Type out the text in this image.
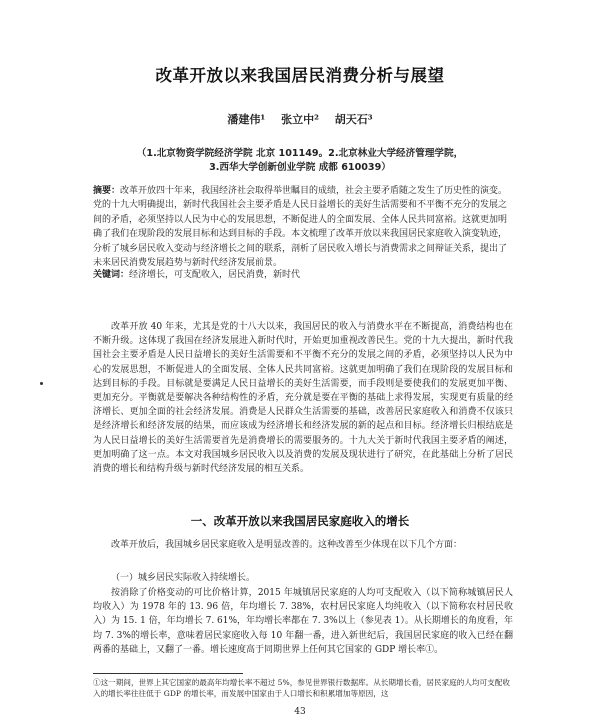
改革开放以来我国居民消费分析与展望
潘建伟¹ 张立中² 胡天石³
（1.北京物资学院经济学院 北京 101149。2.北京林业大学经济管理学院，
3.西华大学创新创业学院 成都 610039）
摘要：改革开放四十年来，我国经济社会取得举世瞩目的成绩，社会主要矛盾随之发生了历史性的演变。党的十九大明确提出，新时代我国社会主要矛盾是人民日益增长的美好生活需要和不平衡不充分的发展之间的矛盾，必须坚持以人民为中心的发展思想，不断促进人的全面发展、全体人民共同富裕。这就更加明确了我们在现阶段的发展目标和达到目标的手段。本文梳理了改革开放以来我国居民家庭收入演变轨迹，分析了城乡居民收入变动与经济增长之间的联系，剖析了居民收入增长与消费需求之间辩证关系，提出了未来居民消费发展趋势与新时代经济发展前景。
关键词：经济增长，可支配收入，居民消费，新时代
改革开放 40 年来，尤其是党的十八大以来，我国居民的收入与消费水平在不断提高，消费结构也在不断升级。这体现了我国在经济发展进入新时代时，开始更加重视改善民生。党的十九大提出，新时代我国社会主要矛盾是人民日益增长的美好生活需要和不平衡不充分的发展之间的矛盾，必须坚持以人民为中心的发展思想，不断促进人的全面发展、全体人民共同富裕。这就更加明确了我们在现阶段的发展目标和达到目标的手段。目标就是要满足人民日益增长的美好生活需要，而手段则是要使我们的发展更加平衡、更加充分。平衡就是要解决各种结构性的矛盾，充分就是要在平衡的基础上求得发展，实现更有质量的经济增长、更加全面的社会经济发展。消费是人民群众生活需要的基础，改善居民家庭收入和消费不仅该只是经济增长和经济发展的结果，而应该成为经济增长和经济发展的新的起点和目标。经济增长归根结底是为人民日益增长的美好生活需要首先是消费增长的需要服务的。十九大关于新时代我国主要矛盾的阐述，更加明确了这一点。本文对我国城乡居民收入以及消费的发展及现状进行了研究，在此基础上分析了居民消费的增长和结构升级与新时代经济发展的相互关系。
一、改革开放以来我国居民家庭收入的增长
改革开放后，我国城乡居民家庭收入是明显改善的。这种改善至少体现在以下几个方面：
（一）城乡居民实际收入持续增长。
按消除了价格变动的可比价格计算，2015 年城镇居民家庭的人均可支配收入（以下简称城镇居民人均收入）为 1978 年的 13. 96 倍，年均增长 7. 38%，农村居民家庭人均纯收入（以下简称农村居民收入）为 15. 1 倍，年均增长 7. 61%，年均增长率都在 7. 3%以上（参见表 1）。从长期增长的角度看，年均 7. 3%的增长率，意味着居民家庭收入每 10 年翻一番，进入新世纪后，我国居民家庭的收入已经在翻两番的基础上，又翻了一番。增长速度高于同期世界上任何其它国家的 GDP 增长率①。
①这一期间，世界上其它国家的最高年均增长率不超过 5%，参见世界银行数据库。从长期增长看，居民家庭的人均可支配收入的增长率往往低于 GDP 的增长率，而发展中国家由于人口增长和积累增加等原因，这
43
